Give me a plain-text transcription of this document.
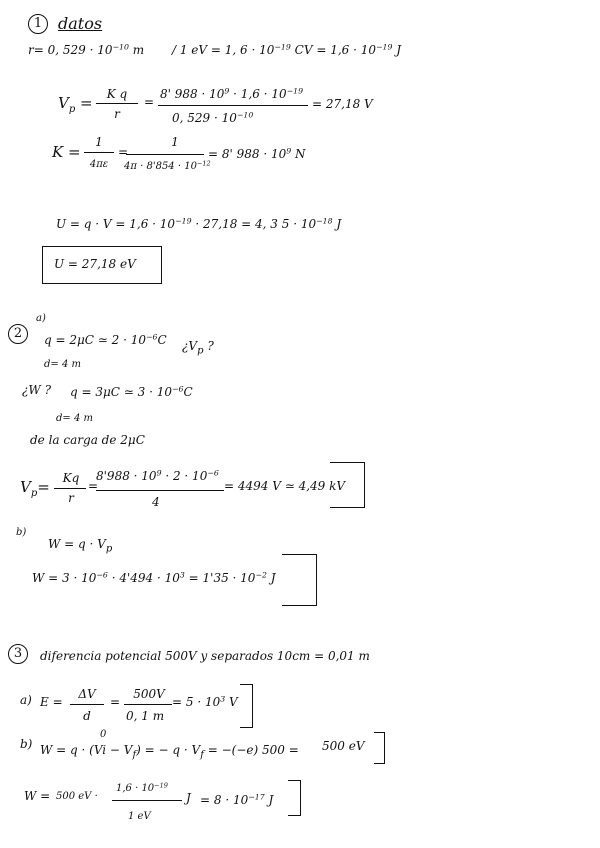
1 datos
r= 0, $529 \cdot 10^{-10}$ m / 1 eV = 1, $6 \cdot 10^{-19}$ CV = $1,6 \cdot 10^{-19}$ J
$V_p$ =	K q
r
=
8' $988 \cdot 10^9 \cdot 1,6 \cdot 10^{-19}$
0, $529 \cdot 10^{-10}$
= 27,18 V
K =
1
4πε
=
1
$4\pi \cdot 8'854 \cdot 10^{-12}$
= 8' $988 \cdot 10^9$ N
$U = q \cdot V = 1,6 \cdot 10^{-19} \cdot 27,18 = 4$, 3 $5 \cdot 10^{-18}$ J
U = 27,18 eV
2
a)
q = 2μC ≃ $2 \cdot 10^{-6}C$ ¿$V_p$ ?
d= 4 m
¿W ? q = 3μC ≃ $3 \cdot 10^{-6}C$
d= 4 m
de la carga de 2μC
$V_p=$	Kq
r
=
$8'988 \cdot 10^9 \cdot 2 \cdot 10^{-6}$
4
= 4494 V ≃ 4,49 kV
b)
$W = q \cdot V_p$
$W = 3 \cdot 10^{-6} \cdot 4'494 \cdot 10^3 = 1'35 \cdot 10^{-2}$ J
3	diferencia potencial 500V y separados 10cm = 0,01 m
a) E =
ΔV
d
=
500V
0, 1 m
= $5 \cdot 10^3$ V
b)
0
$W = q \cdot (Vi - V_f)$ = − $q \cdot V_f = -(-e) 500 = 500$ eV
W = 500 eV ·
$1,6 \cdot 10^{-19}$
1 eV
$J = 8 \cdot 10^{-17}$ J
